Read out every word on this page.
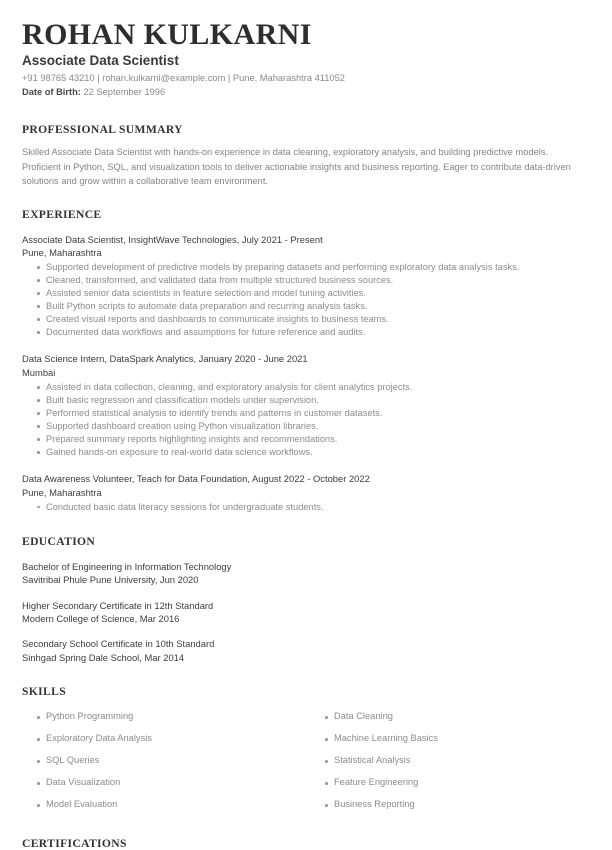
ROHAN KULKARNI
Associate Data Scientist
+91 98765 43210 | rohan.kulkarni@example.com | Pune, Maharashtra 411052
Date of Birth: 22 September 1996
PROFESSIONAL SUMMARY

Skilled Associate Data Scientist with hands-on experience in data cleaning, exploratory analysis, and building predictive models. Proficient in Python, SQL, and visualization tools to deliver actionable insights and business reporting. Eager to contribute data-driven solutions and grow within a collaborative team environment.

EXPERIENCE
Associate Data Scientist, InsightWave Technologies, July 2021 - Present
Pune, Maharashtra
Supported development of predictive models by preparing datasets and performing exploratory data analysis tasks.
Cleaned, transformed, and validated data from multiple structured business sources.
Assisted senior data scientists in feature selection and model tuning activities.
Built Python scripts to automate data preparation and recurring analysis tasks.
Created visual reports and dashboards to communicate insights to business teams.
Documented data workflows and assumptions for future reference and audits.
Data Science Intern, DataSpark Analytics, January 2020 - June 2021
Mumbai
Assisted in data collection, cleaning, and exploratory analysis for client analytics projects.
Built basic regression and classification models under supervision.
Performed statistical analysis to identify trends and patterns in customer datasets.
Supported dashboard creation using Python visualization libraries.
Prepared summary reports highlighting insights and recommendations.
Gained hands-on exposure to real-world data science workflows.
Data Awareness Volunteer, Teach for Data Foundation, August 2022 - October 2022
Pune, Maharashtra
Conducted basic data literacy sessions for undergraduate students.
EDUCATION
Bachelor of Engineering in Information Technology
Savitribai Phule Pune University, Jun 2020
Higher Secondary Certificate in 12th Standard
Modern College of Science, Mar 2016
Secondary School Certificate in 10th Standard
Sinhgad Spring Dale School, Mar 2014
SKILLS
Python Programming
Exploratory Data Analysis
SQL Queries
Data Visualization
Model Evaluation
Data Cleaning
Machine Learning Basics
Statistical Analysis
Feature Engineering
Business Reporting
CERTIFICATIONS
